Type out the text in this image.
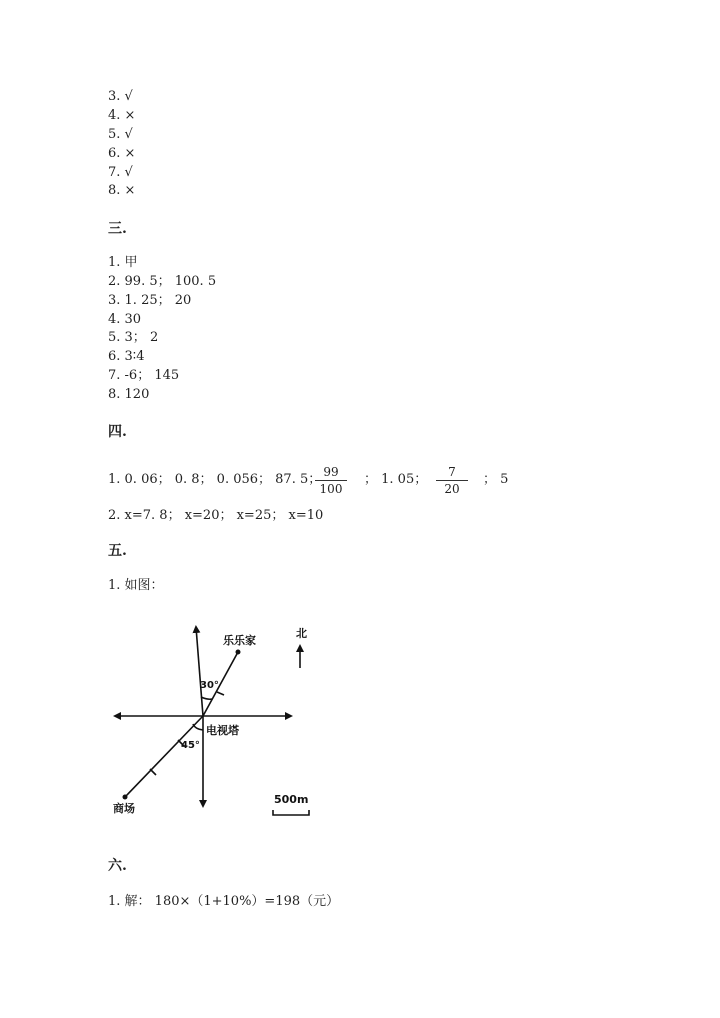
3. √
4. ×
5. √
6. ×
7. √
8. ×
三.
1. 甲
2. 99. 5； 100. 5
3. 1. 25； 20
4. 30
5. 3； 2
6. 3∶4
7. -6； 145
8. 120
四.
1. 0. 06； 0. 8； 0. 056； 87. 5； 99
100
； 1. 05；	7
20
； 5
2. x=7. 8； x=20； x=25； x=10
五.
1. 如图：
北
乐乐家
电视塔
商场
30°
45°
500m
六.
1. 解： 180×（1+10%）=198（元）
